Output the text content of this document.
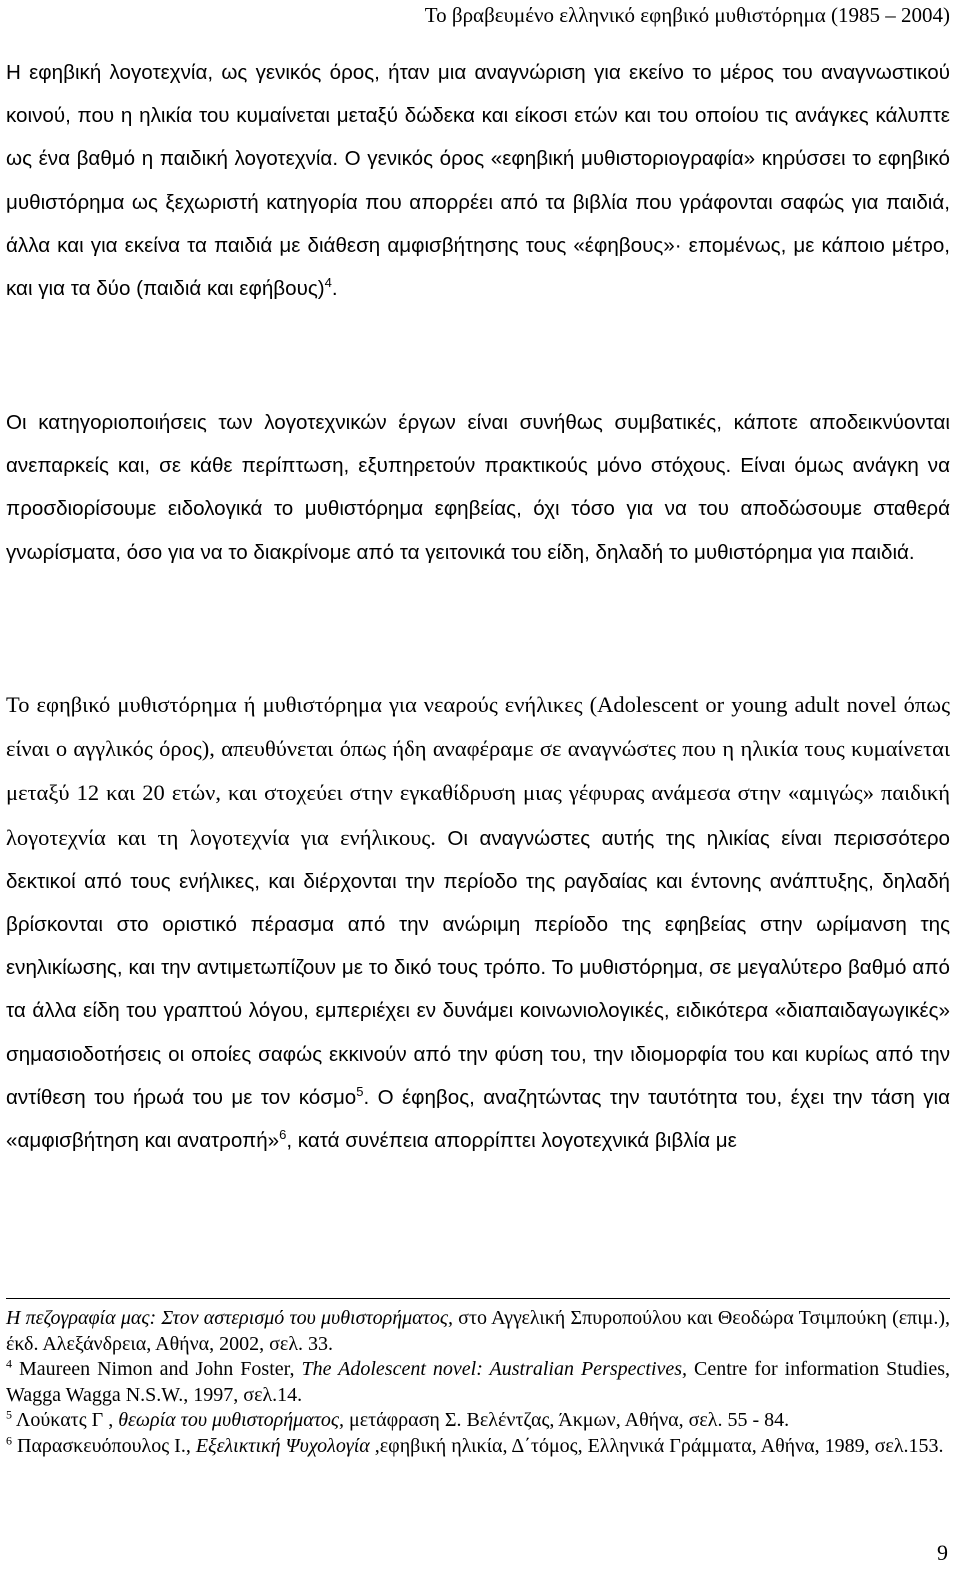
Το βραβευμένο ελληνικό εφηβικό μυθιστόρημα (1985 – 2004)

Η εφηβική λογοτεχνία, ως γενικός όρος, ήταν μια αναγνώριση για εκείνο το μέρος του αναγνωστικού κοινού, που η ηλικία του κυμαίνεται μεταξύ δώδεκα και είκοσι ετών και του οποίου τις ανάγκες κάλυπτε ως ένα βαθμό η παιδική λογοτεχνία. Ο γενικός όρος «εφηβική μυθιστοριογραφία» κηρύσσει το εφηβικό μυθιστόρημα ως ξεχωριστή κατηγορία που απορρέει από τα βιβλία που γράφονται σαφώς για παιδιά, άλλα και για εκείνα τα παιδιά με διάθεση αμφισβήτησης τους «έφηβους»· επομένως, με κάποιο μέτρο, και για τα δύο (παιδιά και εφήβους)$^4$.

Οι κατηγοριοποιήσεις των λογοτεχνικών έργων είναι συνήθως συμβατικές, κάποτε αποδεικνύονται ανεπαρκείς και, σε κάθε περίπτωση, εξυπηρετούν πρακτικούς μόνο στόχους. Είναι όμως ανάγκη να προσδιορίσουμε ειδολογικά το μυθιστόρημα εφηβείας, όχι τόσο για να του αποδώσουμε σταθερά γνωρίσματα, όσο για να το διακρίνομε από τα γειτονικά του είδη, δηλαδή το μυθιστόρημα για παιδιά.

Το εφηβικό μυθιστόρημα ή μυθιστόρημα για νεαρούς ενήλικες (Adolescent or young adult novel όπως είναι ο αγγλικός όρος), απευθύνεται όπως ήδη αναφέραμε σε αναγνώστες που η ηλικία τους κυμαίνεται μεταξύ 12 και 20 ετών, και στοχεύει στην εγκαθίδρυση μιας γέφυρας ανάμεσα στην «αμιγώς» παιδική λογοτεχνία και τη λογοτεχνία για ενήλικους. Οι αναγνώστες αυτής της ηλικίας είναι περισσότερο δεκτικοί από τους ενήλικες, και διέρχονται την περίοδο της ραγδαίας και έντονης ανάπτυξης, δηλαδή βρίσκονται στο οριστικό πέρασμα από την ανώριμη περίοδο της εφηβείας στην ωρίμανση της ενηλικίωσης, και την αντιμετωπίζουν με το δικό τους τρόπο. Το μυθιστόρημα, σε μεγαλύτερο βαθμό από τα άλλα είδη του γραπτού λόγου, εμπεριέχει εν δυνάμει κοινωνιολογικές, ειδικότερα «διαπαιδαγωγικές» σημασιοδοτήσεις οι οποίες σαφώς εκκινούν από την φύση του, την ιδιομορφία του και κυρίως από την αντίθεση του ήρωά του με τον κόσμο$^5$. Ο έφηβος, αναζητώντας την ταυτότητα του, έχει την τάση για «αμφισβήτηση και ανατροπή»$^6$, κατά συνέπεια απορρίπτει λογοτεχνικά βιβλία με

Η πεζογραφία μας: Στον αστερισμό του μυθιστορήματος, στο Αγγελική Σπυροπούλου και Θεοδώρα Τσιμπούκη (επιμ.), έκδ. Αλεξάνδρεια, Αθήνα, 2002, σελ. 33.

$^4$ Maureen Nimon and John Foster, The Adolescent novel: Australian Perspectives, Centre for information Studies, Wagga Wagga N.S.W., 1997, σελ.14.

$^5$ Λούκατς Γ , θεωρία του μυθιστορήματος, μετάφραση Σ. Βελέντζας, Άκμων, Αθήνα, σελ. 55 - 84.

$^6$ Παρασκευόπουλος Ι., Εξελικτική Ψυχολογία ,εφηβική ηλικία, Δ΄τόμος, Ελληνικά Γράμματα, Αθήνα, 1989, σελ.153.

9
